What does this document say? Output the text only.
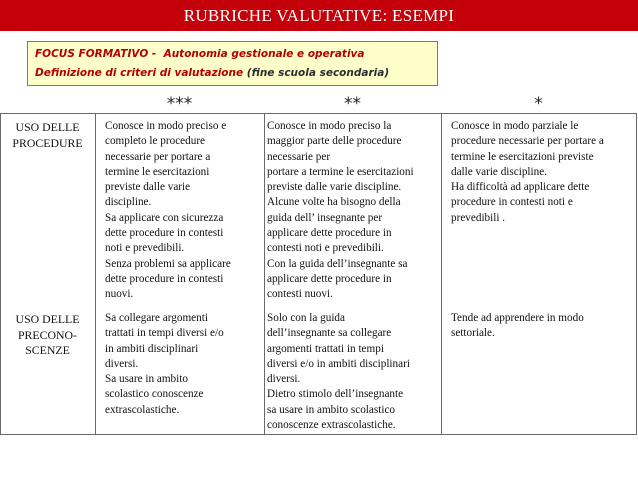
RUBRICHE VALUTATIVE: ESEMPI
FOCUS FORMATIVO - Autonomia gestionale e operativa
Definizione di criteri di valutazione (fine scuola secondaria)
***	**	*
USO DELLE
PROCEDURE
Conosce in modo preciso e
completo le procedure
necessarie per portare a
termine le esercitazioni
previste dalle varie
discipline.
Sa applicare con sicurezza
dette procedure in contesti
noti e prevedibili.
Senza problemi sa applicare
dette procedure in contesti
nuovi.
Conosce in modo preciso la
maggior parte delle procedure
necessarie per
portare a termine le esercitazioni
previste dalle varie discipline.
Alcune volte ha bisogno della
guida dell’ insegnante per
applicare dette procedure in
contesti noti e prevedibili.
Con la guida dell’insegnante sa
applicare dette procedure in
contesti nuovi.
Conosce in modo parziale le
procedure necessarie per portare a
termine le esercitazioni previste
dalle varie discipline.
Ha difficoltà ad applicare dette
procedure in contesti noti e
prevedibili .
USO DELLE
PRECONO-
SCENZE
Sa collegare argomenti
trattati in tempi diversi e/o
in ambiti disciplinari
diversi.
Sa usare in ambito
scolastico conoscenze
extrascolastiche.
Solo con la guida
dell’insegnante sa collegare
argomenti trattati in tempi
diversi e/o in ambiti disciplinari
diversi.
Dietro stimolo dell’insegnante
sa usare in ambito scolastico
conoscenze extrascolastiche.
Tende ad apprendere in modo
settoriale.
